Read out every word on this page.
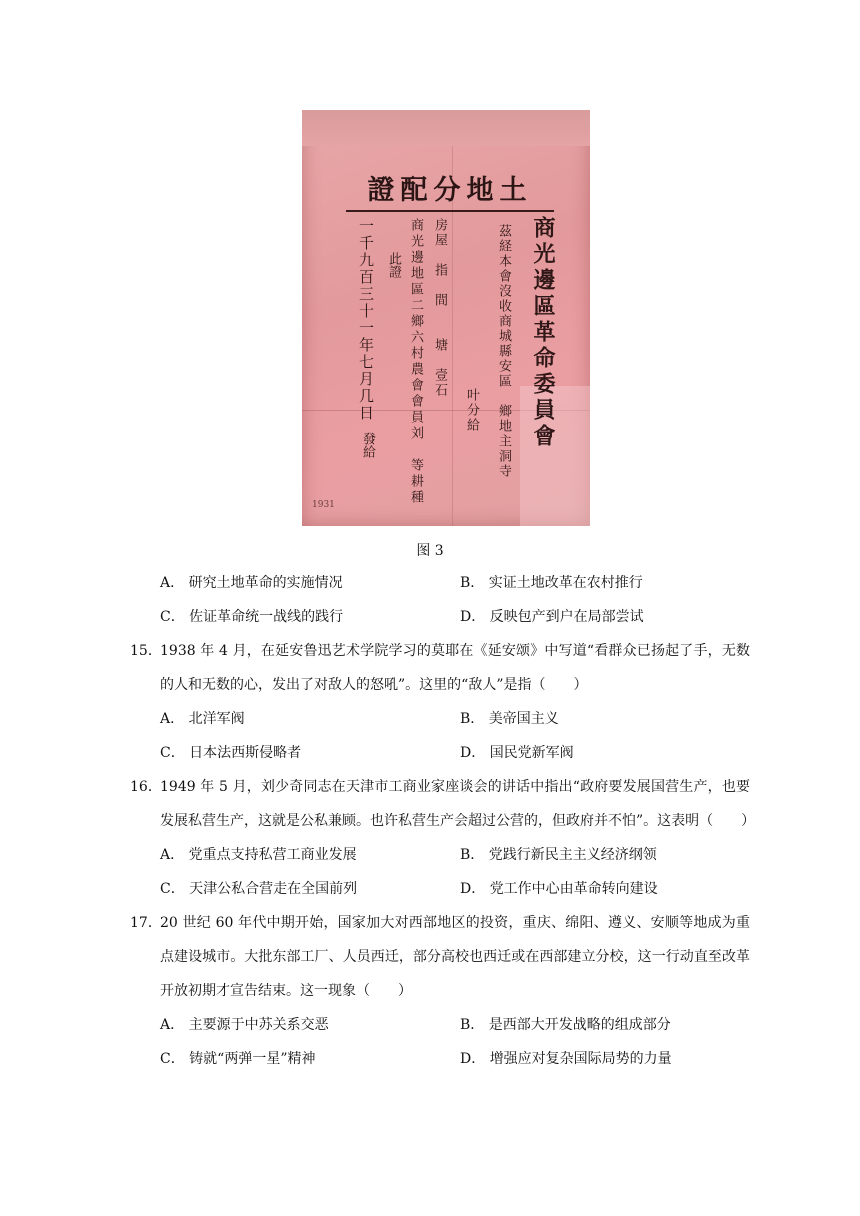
土地分配證
商光邊區革命委員會
茲経本會沒收商城縣安區　鄉地主洞寺
　　　　　　　　　　叶分給
房屋　指　間　　塘　壹石
商光邊地區二鄉六村農會會員刘　等耕種
此證
一千九百三十一年七月几日
發給
1931
图 3
A． 研究土地革命的实施情况	B． 实证土地改革在农村推行
C． 佐证革命统一战线的践行	D． 反映包产到户在局部尝试
15．
1938 年 4 月，在延安鲁迅艺术学院学习的莫耶在《延安颂》中写道“看群众已扬起了手，无数的人和无数的心，发出了对敌人的怒吼”。这里的“敌人”是指（　　）
A． 北洋军阀	B． 美帝国主义
C． 日本法西斯侵略者	D． 国民党新军阀
16．
1949 年 5 月，刘少奇同志在天津市工商业家座谈会的讲话中指出“政府要发展国营生产，也要发展私营生产，这就是公私兼顾。也许私营生产会超过公营的，但政府并不怕”。这表明（　　）
A． 党重点支持私营工商业发展	B． 党践行新民主主义经济纲领
C． 天津公私合营走在全国前列	D． 党工作中心由革命转向建设
17．
20 世纪 60 年代中期开始，国家加大对西部地区的投资，重庆、绵阳、遵义、安顺等地成为重点建设城市。大批东部工厂、人员西迁，部分高校也西迁或在西部建立分校，这一行动直至改革开放初期才宣告结束。这一现象（　　）
A． 主要源于中苏关系交恶	B． 是西部大开发战略的组成部分
C． 铸就“两弹一星”精神	D． 增强应对复杂国际局势的力量
